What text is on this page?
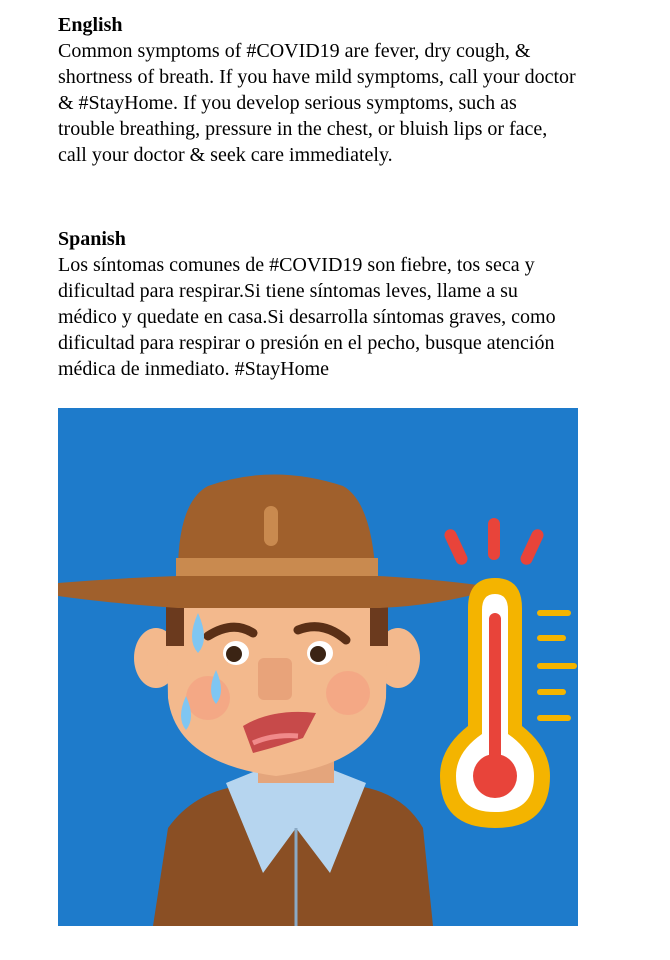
English

Common symptoms of #COVID19 are fever, dry cough, &

shortness of breath. If you have mild symptoms, call your doctor

& #StayHome. If you develop serious symptoms, such as

trouble breathing, pressure in the chest, or bluish lips or face,

call your doctor & seek care immediately.

Spanish

Los síntomas comunes de #COVID19 son fiebre, tos seca y

dificultad para respirar.Si tiene síntomas leves, llame a su

médico y quedate en casa.Si desarrolla síntomas graves, como

dificultad para respirar o presión en el pecho, busque atención

médica de inmediato. #StayHome
